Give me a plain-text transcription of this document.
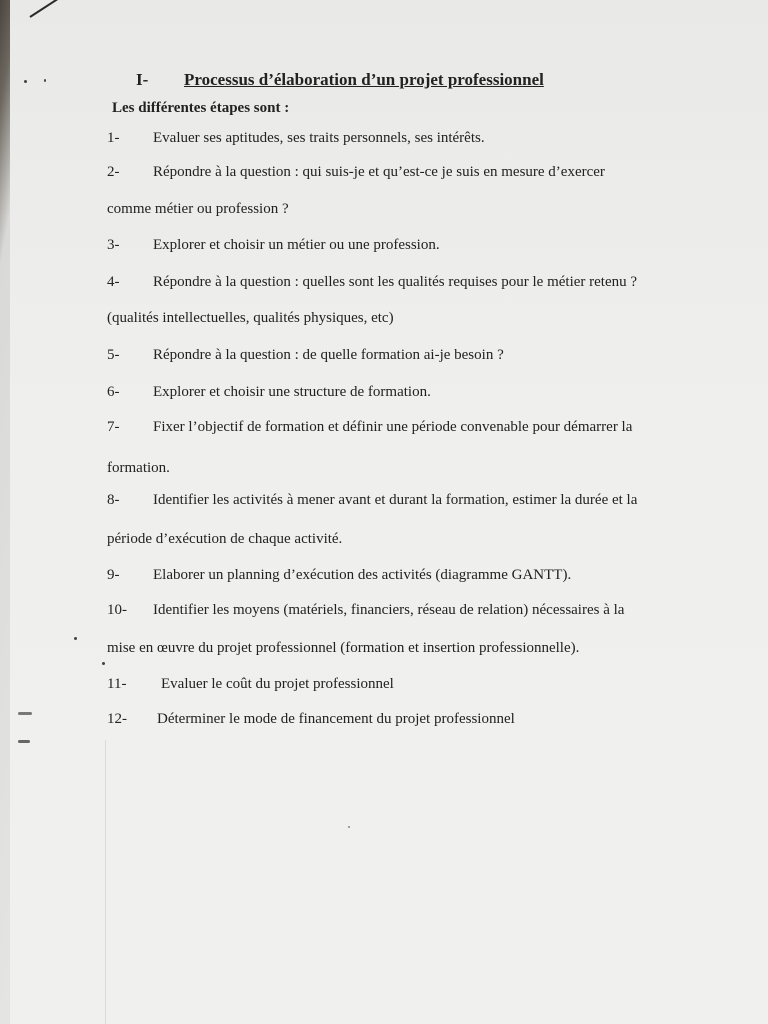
I- Processus d’élaboration d’un projet professionnel
Les différentes étapes sont :
1- Evaluer ses aptitudes, ses traits personnels, ses intérêts.
2- Répondre à la question : qui suis-je et qu’est-ce je suis en mesure d’exercer
comme métier ou profession ?
3- Explorer et choisir un métier ou une profession.
4- Répondre à la question : quelles sont les qualités requises pour le métier retenu ?
(qualités intellectuelles, qualités physiques, etc)
5- Répondre à la question : de quelle formation ai-je besoin ?
6- Explorer et choisir une structure de formation.
7- Fixer l’objectif de formation et définir une période convenable pour démarrer la
formation.
8- Identifier les activités à mener avant et durant la formation, estimer la durée et la
période d’exécution de chaque activité.
9- Elaborer un planning d’exécution des activités (diagramme GANTT).
10- Identifier les moyens (matériels, financiers, réseau de relation) nécessaires à la
mise en œuvre du projet professionnel (formation et insertion professionnelle).
11- Evaluer le coût du projet professionnel
12- Déterminer le mode de financement du projet professionnel
